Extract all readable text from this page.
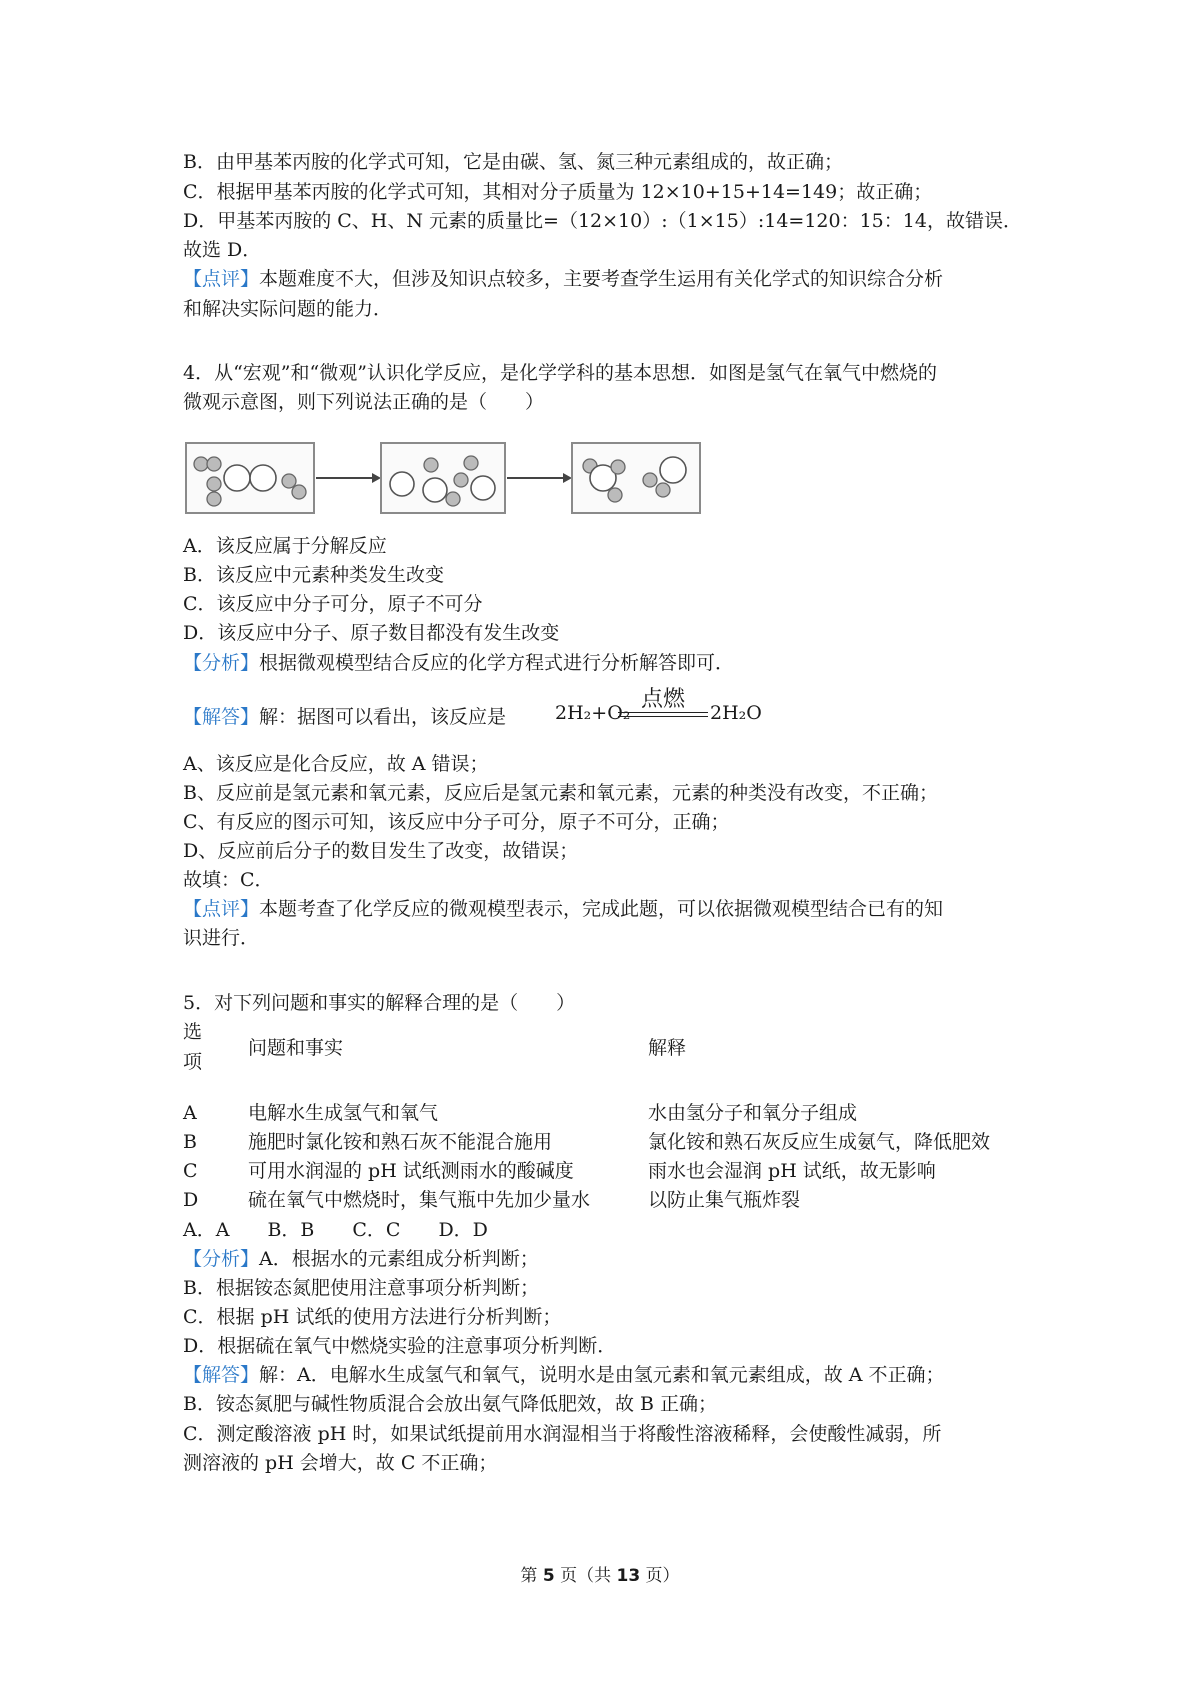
B．由甲基苯丙胺的化学式可知，它是由碳、氢、氮三种元素组成的，故正确；
C．根据甲基苯丙胺的化学式可知，其相对分子质量为 12×10+15+14=149；故正确；
D．甲基苯丙胺的 C、H、N 元素的质量比=（12×10）:（1×15）:14=120：15：14，故错误．
故选 D．
【点评】本题难度不大，但涉及知识点较多，主要考查学生运用有关化学式的知识综合分析
和解决实际问题的能力．
4．从“宏观”和“微观”认识化学反应，是化学学科的基本思想．如图是氢气在氧气中燃烧的
微观示意图，则下列说法正确的是（　　）
A．该反应属于分解反应
B．该反应中元素种类发生改变
C．该反应中分子可分，原子不可分
D．该反应中分子、原子数目都没有发生改变
【分析】根据微观模型结合反应的化学方程式进行分析解答即可．
【解答】解：据图可以看出，该反应是	2H₂+O₂
点燃
2H₂O
A、该反应是化合反应，故 A 错误；
B、反应前是氢元素和氧元素，反应后是氢元素和氧元素，元素的种类没有改变，不正确；
C、有反应的图示可知，该反应中分子可分，原子不可分，正确；
D、反应前后分子的数目发生了改变，故错误；
故填：C．
【点评】本题考查了化学反应的微观模型表示，完成此题，可以依据微观模型结合已有的知
识进行．
5．对下列问题和事实的解释合理的是（　　）
选
项
问题和事实	解释
A	电解水生成氢气和氧气	水由氢分子和氧分子组成
B	施肥时氯化铵和熟石灰不能混合施用	氯化铵和熟石灰反应生成氨气，降低肥效
C	可用水润湿的 pH 试纸测雨水的酸碱度	雨水也会湿润 pH 试纸，故无影响
D	硫在氧气中燃烧时，集气瓶中先加少量水	以防止集气瓶炸裂
A．A　　B．B　　C．C　　D．D
【分析】A．根据水的元素组成分析判断；
B．根据铵态氮肥使用注意事项分析判断；
C．根据 pH 试纸的使用方法进行分析判断；
D．根据硫在氧气中燃烧实验的注意事项分析判断．
【解答】解：A．电解水生成氢气和氧气，说明水是由氢元素和氧元素组成，故 A 不正确；
B．铵态氮肥与碱性物质混合会放出氨气降低肥效，故 B 正确；
C．测定酸溶液 pH 时，如果试纸提前用水润湿相当于将酸性溶液稀释，会使酸性减弱，所
测溶液的 pH 会增大，故 C 不正确；
第 5 页（共 13 页）
